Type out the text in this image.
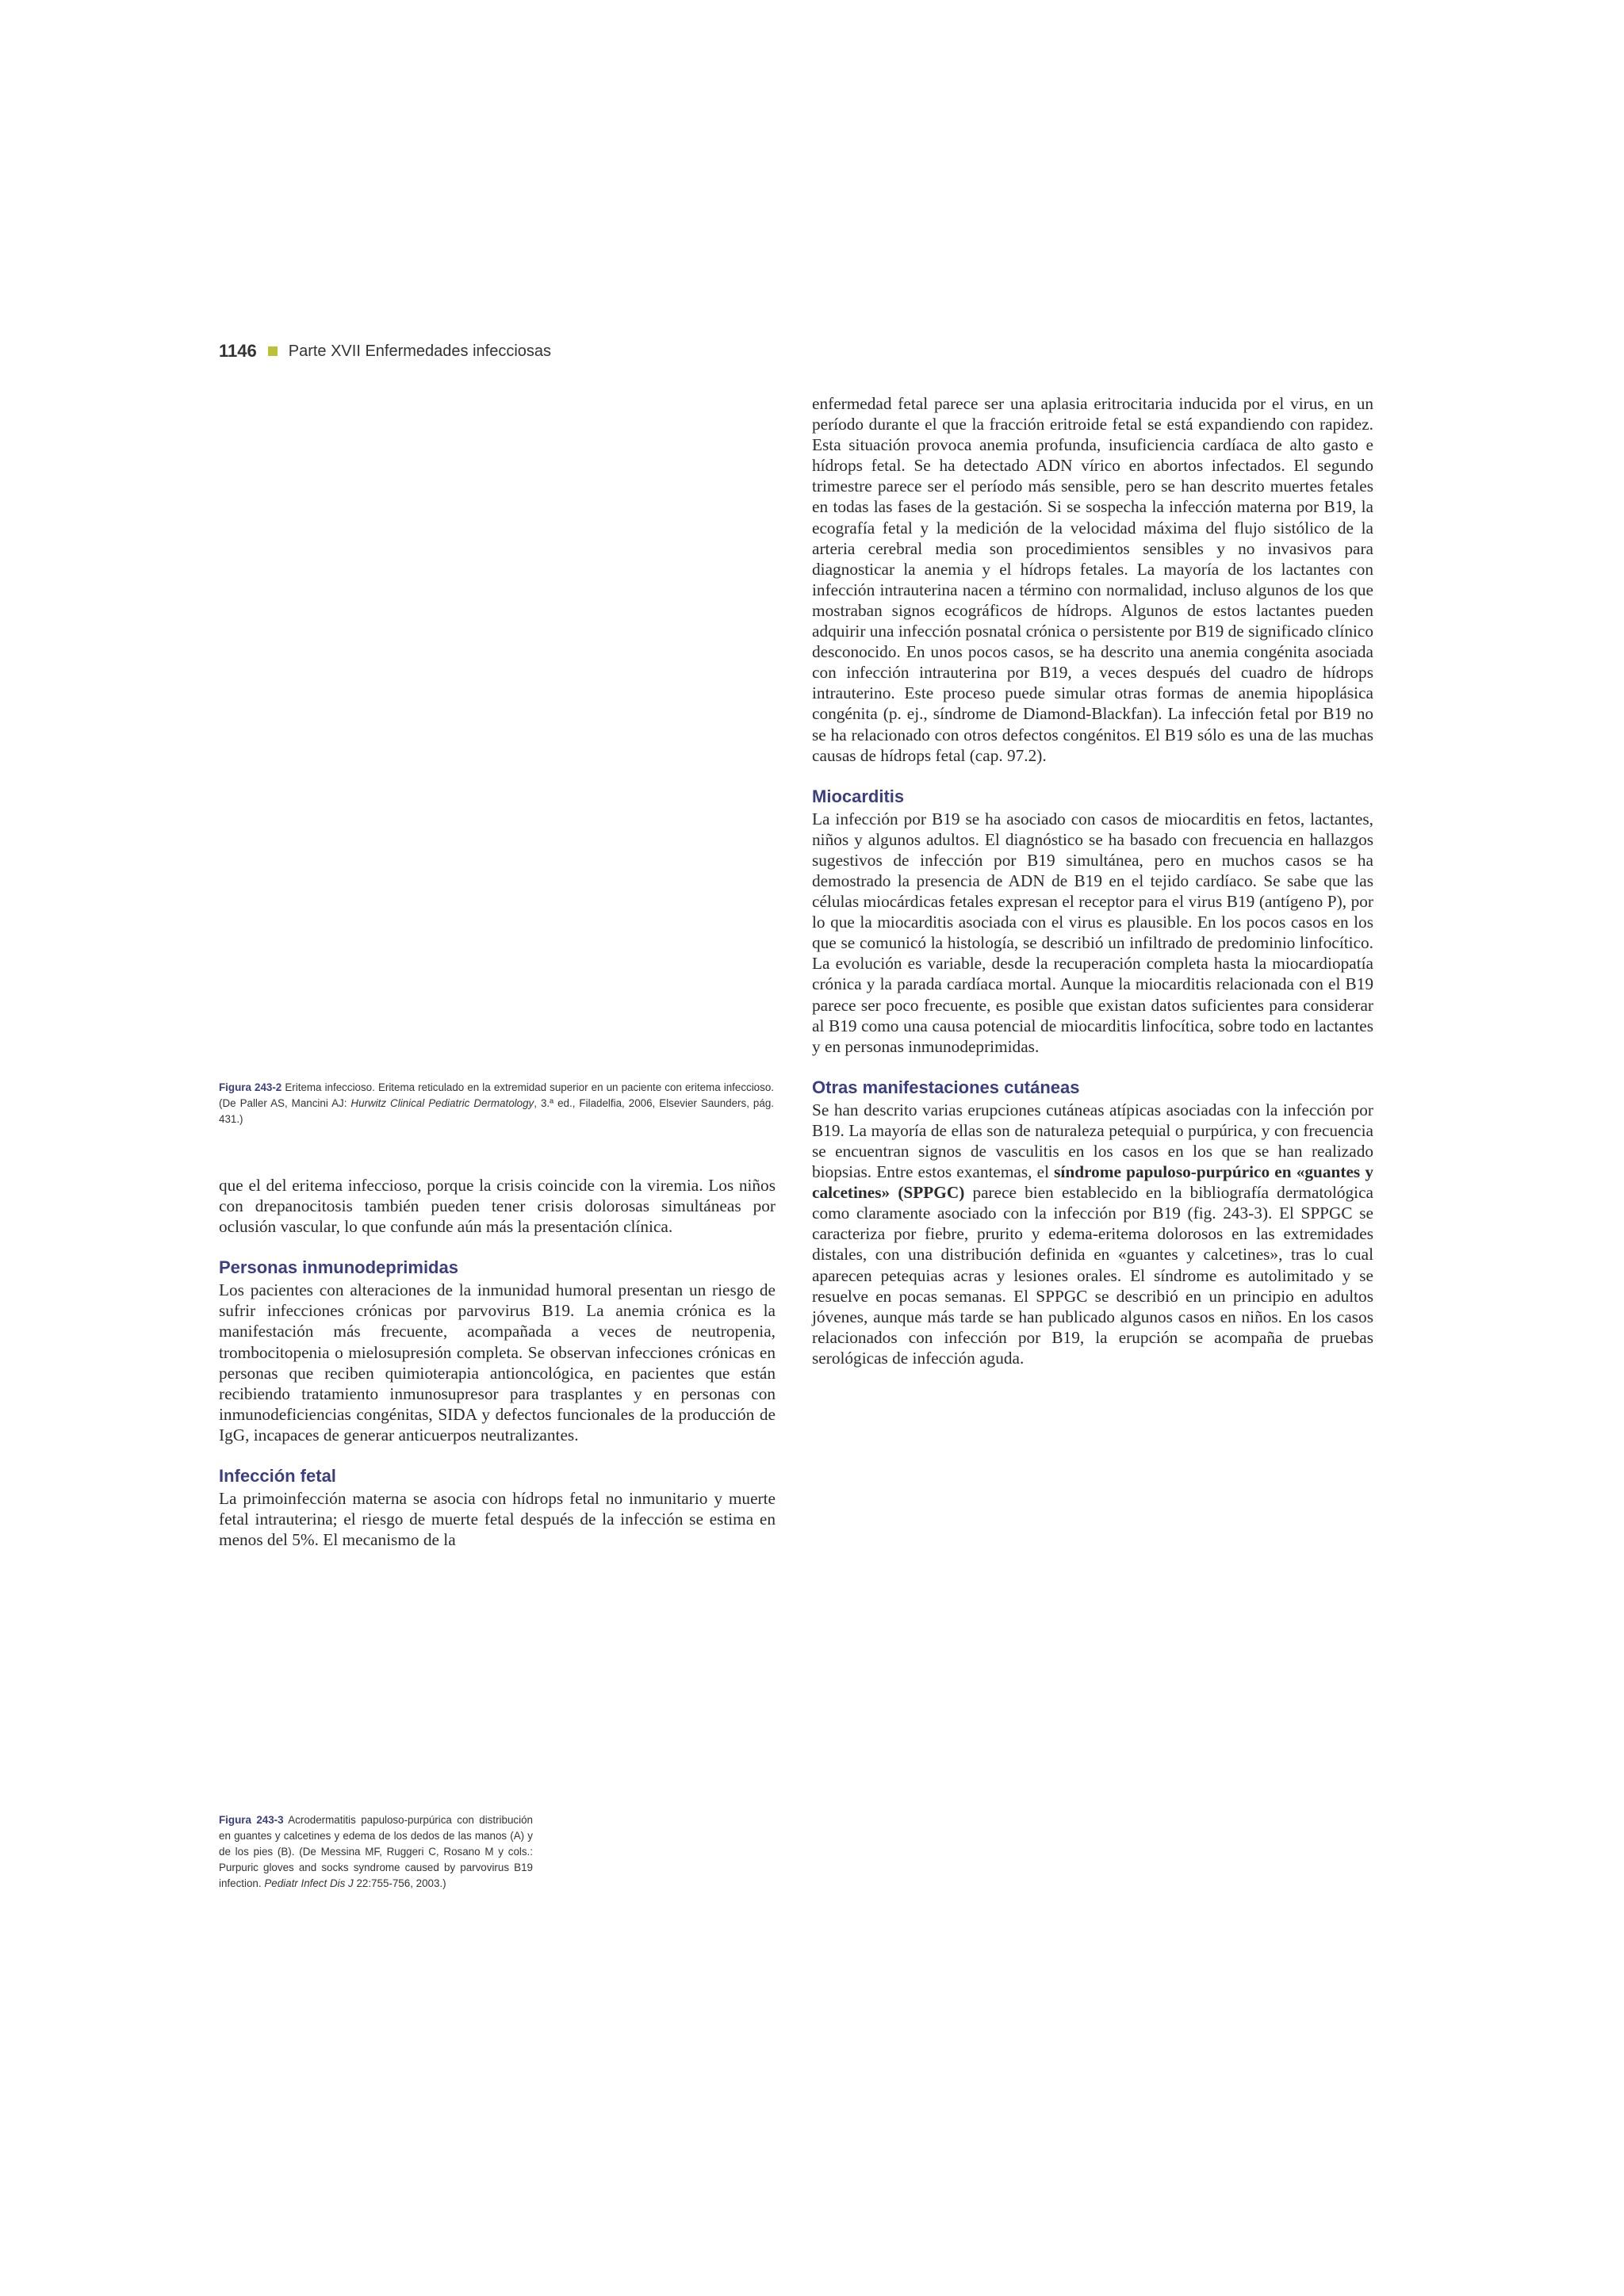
1146 Parte XVII Enfermedades infecciosas

enfermedad fetal parece ser una aplasia eritrocitaria inducida por el virus, en un período durante el que la fracción eritroide fetal se está expandiendo con rapidez. Esta situación provoca anemia profunda, insuficiencia cardíaca de alto gasto e hídrops fetal. Se ha detectado ADN vírico en abortos infectados. El segundo trimestre parece ser el período más sensible, pero se han descrito muertes fetales en todas las fases de la gestación. Si se sospecha la infección materna por B19, la ecografía fetal y la medición de la velocidad máxima del flujo sistólico de la arteria cerebral media son procedimientos sensibles y no invasivos para diagnosticar la anemia y el hídrops fetales. La mayoría de los lactantes con infección intrauterina nacen a término con normalidad, incluso algunos de los que mostraban signos ecográficos de hídrops. Algunos de estos lactantes pueden adquirir una infección posnatal crónica o persistente por B19 de significado clínico desconocido. En unos pocos casos, se ha descrito una anemia congénita asociada con infección intrauterina por B19, a veces después del cuadro de hídrops intrauterino. Este proceso puede simular otras formas de anemia hipoplásica congénita (p. ej., síndrome de Diamond-Blackfan). La infección fetal por B19 no se ha relacionado con otros defectos congénitos. El B19 sólo es una de las muchas causas de hídrops fetal (cap. 97.2).

Miocarditis

La infección por B19 se ha asociado con casos de miocarditis en fetos, lactantes, niños y algunos adultos. El diagnóstico se ha basado con frecuencia en hallazgos sugestivos de infección por B19 simultánea, pero en muchos casos se ha demostrado la presencia de ADN de B19 en el tejido cardíaco. Se sabe que las células miocárdicas fetales expresan el receptor para el virus B19 (antígeno P), por lo que la miocarditis asociada con el virus es plausible. En los pocos casos en los que se comunicó la histología, se describió un infiltrado de predominio linfocítico. La evolución es variable, desde la recuperación completa hasta la miocardiopatía crónica y la parada cardíaca mortal. Aunque la miocarditis relacionada con el B19 parece ser poco frecuente, es posible que existan datos suficientes para considerar al B19 como una causa potencial de miocarditis linfocítica, sobre todo en lactantes y en personas inmunodeprimidas.

Otras manifestaciones cutáneas

Se han descrito varias erupciones cutáneas atípicas asociadas con la infección por B19. La mayoría de ellas son de naturaleza petequial o purpúrica, y con frecuencia se encuentran signos de vasculitis en los casos en los que se han realizado biopsias. Entre estos exantemas, el síndrome papuloso-purpúrico en «guantes y calcetines» (SPPGC) parece bien establecido en la bibliografía dermatológica como claramente asociado con la infección por B19 (fig. 243-3). El SPPGC se caracteriza por fiebre, prurito y edema-eritema dolorosos en las extremidades distales, con una distribución definida en «guantes y calcetines», tras lo cual aparecen petequias acras y lesiones orales. El síndrome es autolimitado y se resuelve en pocas semanas. El SPPGC se describió en un principio en adultos jóvenes, aunque más tarde se han publicado algunos casos en niños. En los casos relacionados con infección por B19, la erupción se acompaña de pruebas serológicas de infección aguda.

Figura 243-2 Eritema infeccioso. Eritema reticulado en la extremidad superior en un paciente con eritema infeccioso. (De Paller AS, Mancini AJ: Hurwitz Clinical Pediatric Dermatology, 3.ª ed., Filadelfia, 2006, Elsevier Saunders, pág. 431.)

que el del eritema infeccioso, porque la crisis coincide con la viremia. Los niños con drepanocitosis también pueden tener crisis dolorosas simultáneas por oclusión vascular, lo que confunde aún más la presentación clínica.

Personas inmunodeprimidas

Los pacientes con alteraciones de la inmunidad humoral presentan un riesgo de sufrir infecciones crónicas por parvovirus B19. La anemia crónica es la manifestación más frecuente, acompañada a veces de neutropenia, trombocitopenia o mielosupresión completa. Se observan infecciones crónicas en personas que reciben quimioterapia antioncológica, en pacientes que están recibiendo tratamiento inmunosupresor para trasplantes y en personas con inmunodeficiencias congénitas, SIDA y defectos funcionales de la producción de IgG, incapaces de generar anticuerpos neutralizantes.

Infección fetal

La primoinfección materna se asocia con hídrops fetal no inmunitario y muerte fetal intrauterina; el riesgo de muerte fetal después de la infección se estima en menos del 5%. El mecanismo de la

Figura 243-3 Acrodermatitis papuloso-purpúrica con distribución en guantes y calcetines y edema de los dedos de las manos (A) y de los pies (B). (De Messina MF, Ruggeri C, Rosano M y cols.: Purpuric gloves and socks syndrome caused by parvovirus B19 infection. Pediatr Infect Dis J 22:755-756, 2003.)
